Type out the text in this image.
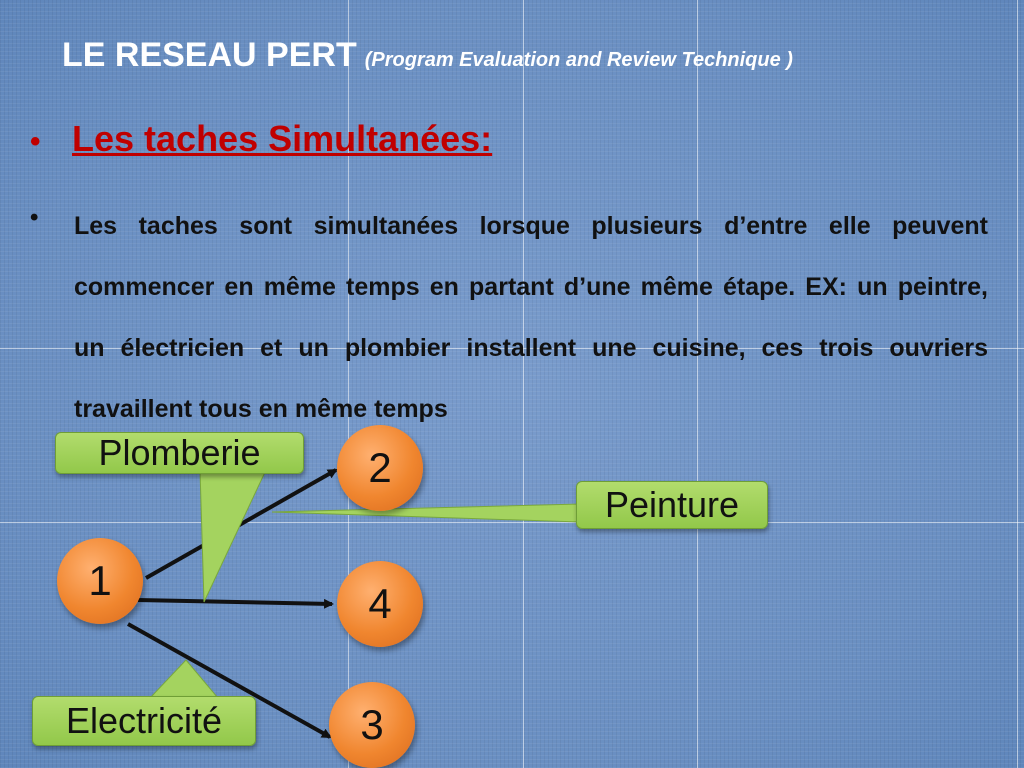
LE RESEAU PERT (Program Evaluation and Review Technique )
• Les taches Simultanées:
• Les taches sont simultanées lorsque plusieurs d’entre elle peuvent commencer en même temps en partant d’une même étape. EX: un peintre, un électricien et un plombier installent une cuisine, ces trois ouvriers travaillent tous en même temps
Plomberie
Peinture
Electricité
1
2
4
3
